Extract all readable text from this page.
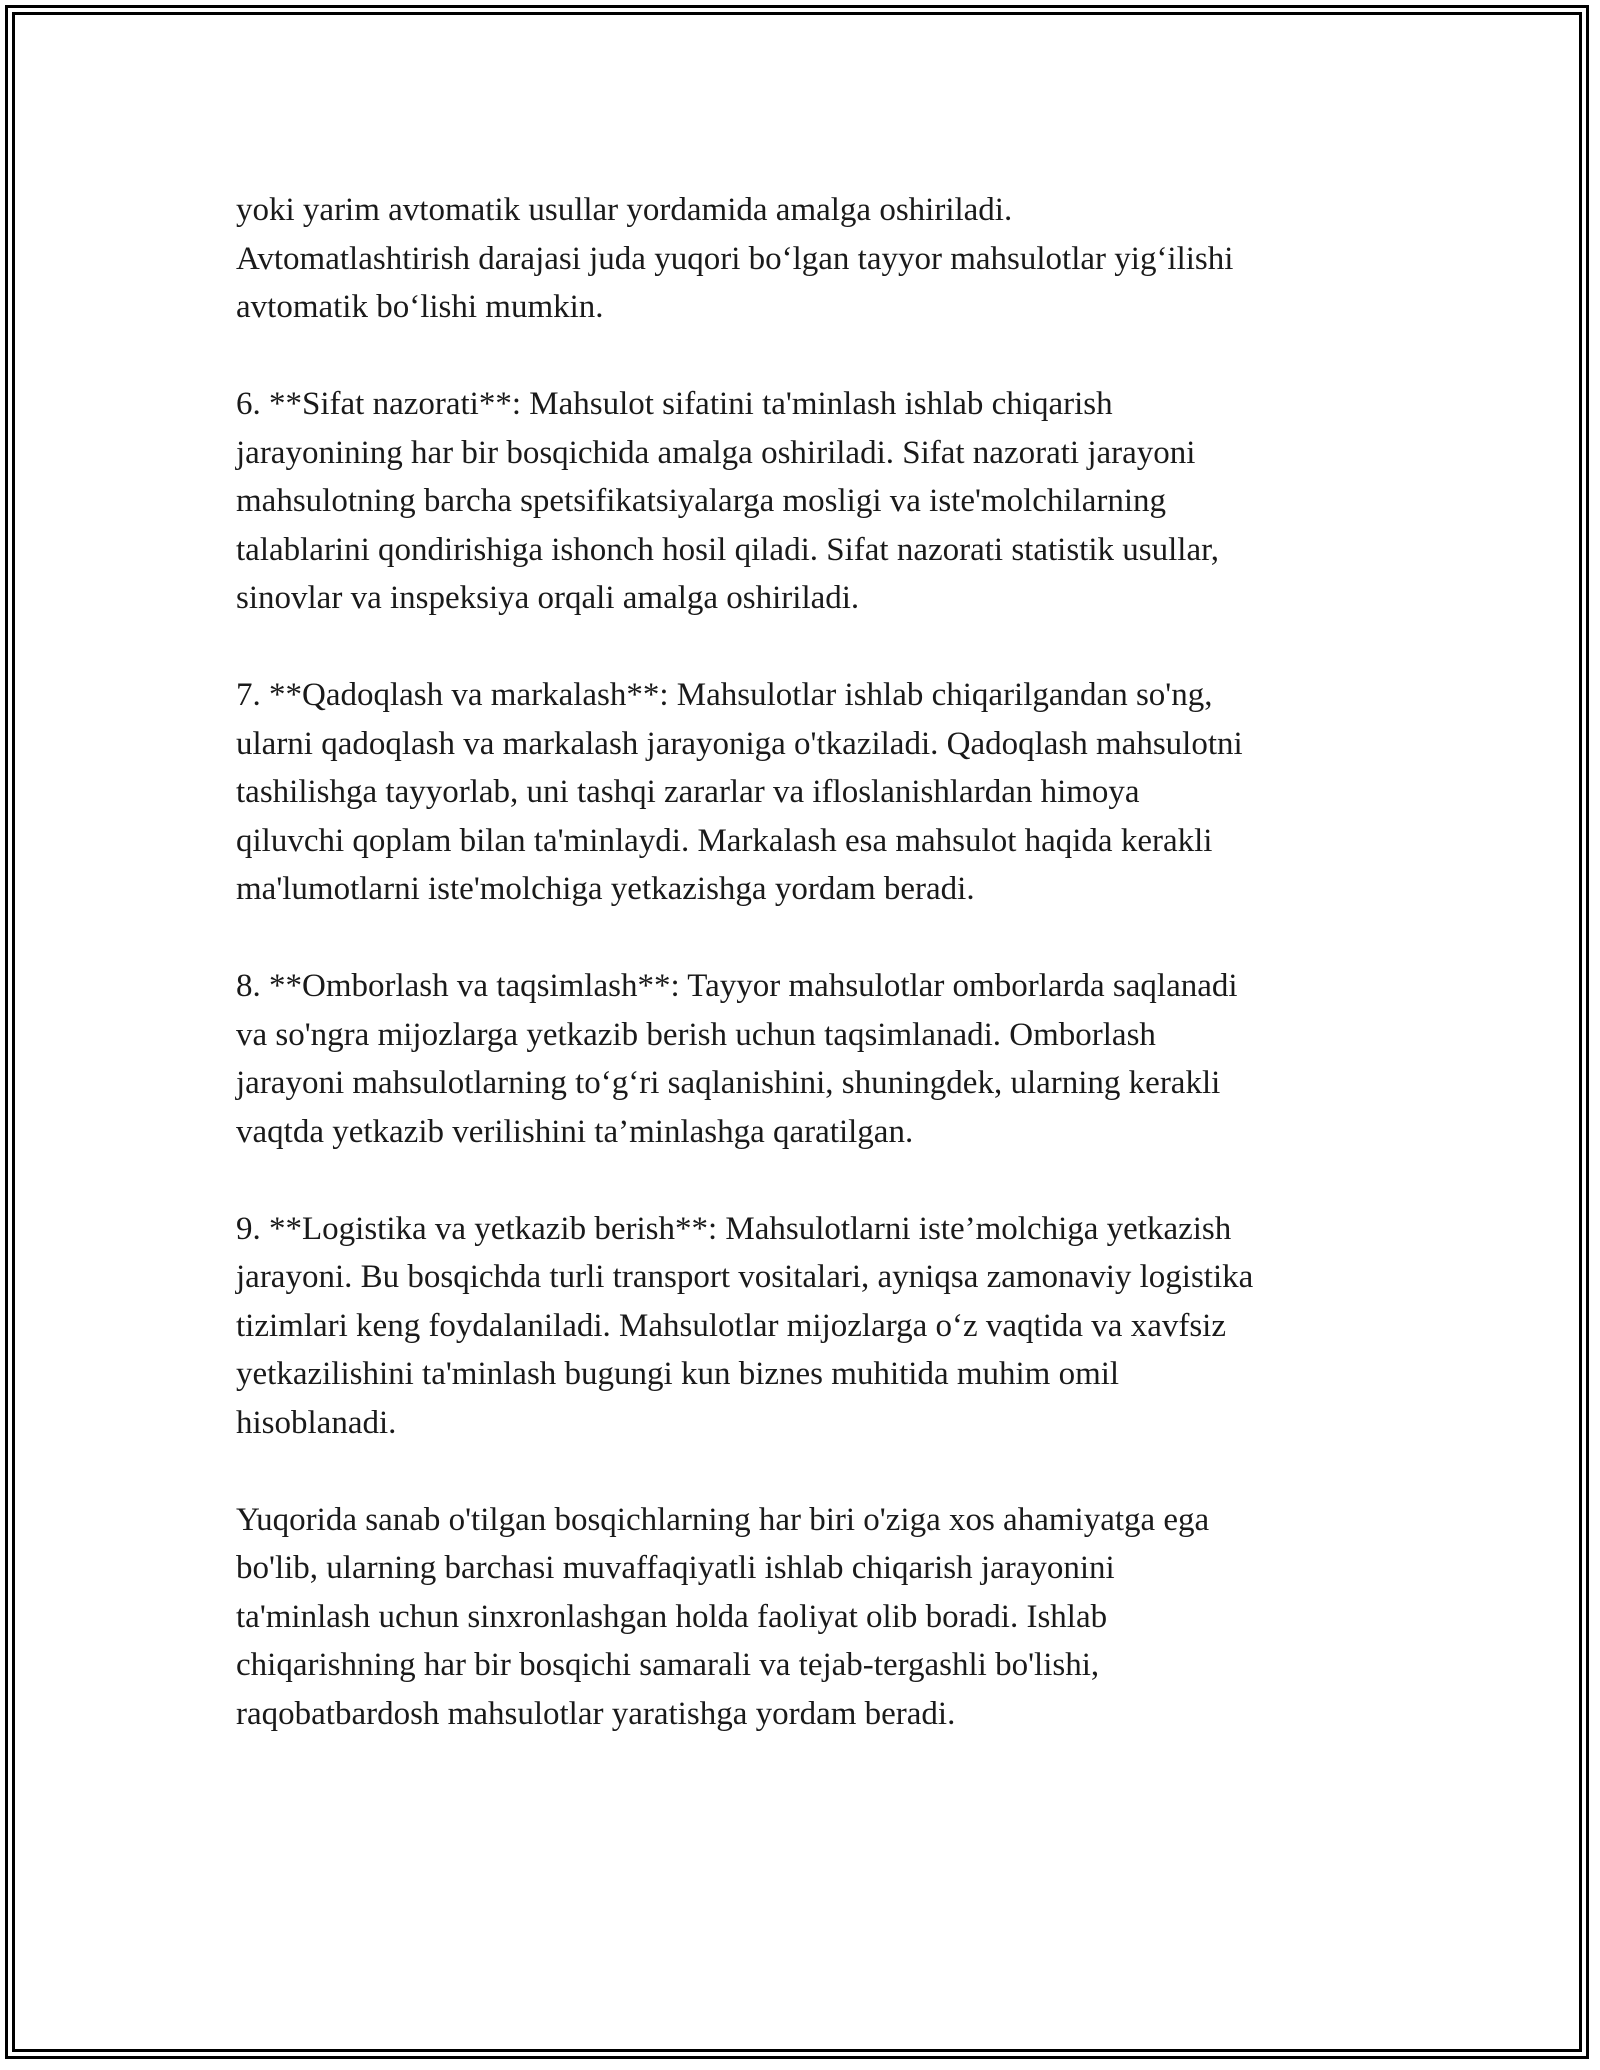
yoki yarim avtomatik usullar yordamida amalga oshiriladi.
Avtomatlashtirish darajasi juda yuqori bo‘lgan tayyor mahsulotlar yig‘ilishi
avtomatik bo‘lishi mumkin.

6. **Sifat nazorati**: Mahsulot sifatini ta'minlash ishlab chiqarish
jarayonining har bir bosqichida amalga oshiriladi. Sifat nazorati jarayoni
mahsulotning barcha spetsifikatsiyalarga mosligi va iste'molchilarning
talablarini qondirishiga ishonch hosil qiladi. Sifat nazorati statistik usullar,
sinovlar va inspeksiya orqali amalga oshiriladi.

7. **Qadoqlash va markalash**: Mahsulotlar ishlab chiqarilgandan so'ng,
ularni qadoqlash va markalash jarayoniga o'tkaziladi. Qadoqlash mahsulotni
tashilishga tayyorlab, uni tashqi zararlar va ifloslanishlardan himoya
qiluvchi qoplam bilan ta'minlaydi. Markalash esa mahsulot haqida kerakli
ma'lumotlarni iste'molchiga yetkazishga yordam beradi.

8. **Omborlash va taqsimlash**: Tayyor mahsulotlar omborlarda saqlanadi
va so'ngra mijozlarga yetkazib berish uchun taqsimlanadi. Omborlash
jarayoni mahsulotlarning to‘g‘ri saqlanishini, shuningdek, ularning kerakli
vaqtda yetkazib verilishini ta’minlashga qaratilgan.

9. **Logistika va yetkazib berish**: Mahsulotlarni iste’molchiga yetkazish
jarayoni. Bu bosqichda turli transport vositalari, ayniqsa zamonaviy logistika
tizimlari keng foydalaniladi. Mahsulotlar mijozlarga o‘z vaqtida va xavfsiz
yetkazilishini ta'minlash bugungi kun biznes muhitida muhim omil
hisoblanadi.

Yuqorida sanab o'tilgan bosqichlarning har biri o'ziga xos ahamiyatga ega
bo'lib, ularning barchasi muvaffaqiyatli ishlab chiqarish jarayonini
ta'minlash uchun sinxronlashgan holda faoliyat olib boradi. Ishlab
chiqarishning har bir bosqichi samarali va tejab-tergashli bo'lishi,
raqobatbardosh mahsulotlar yaratishga yordam beradi.
